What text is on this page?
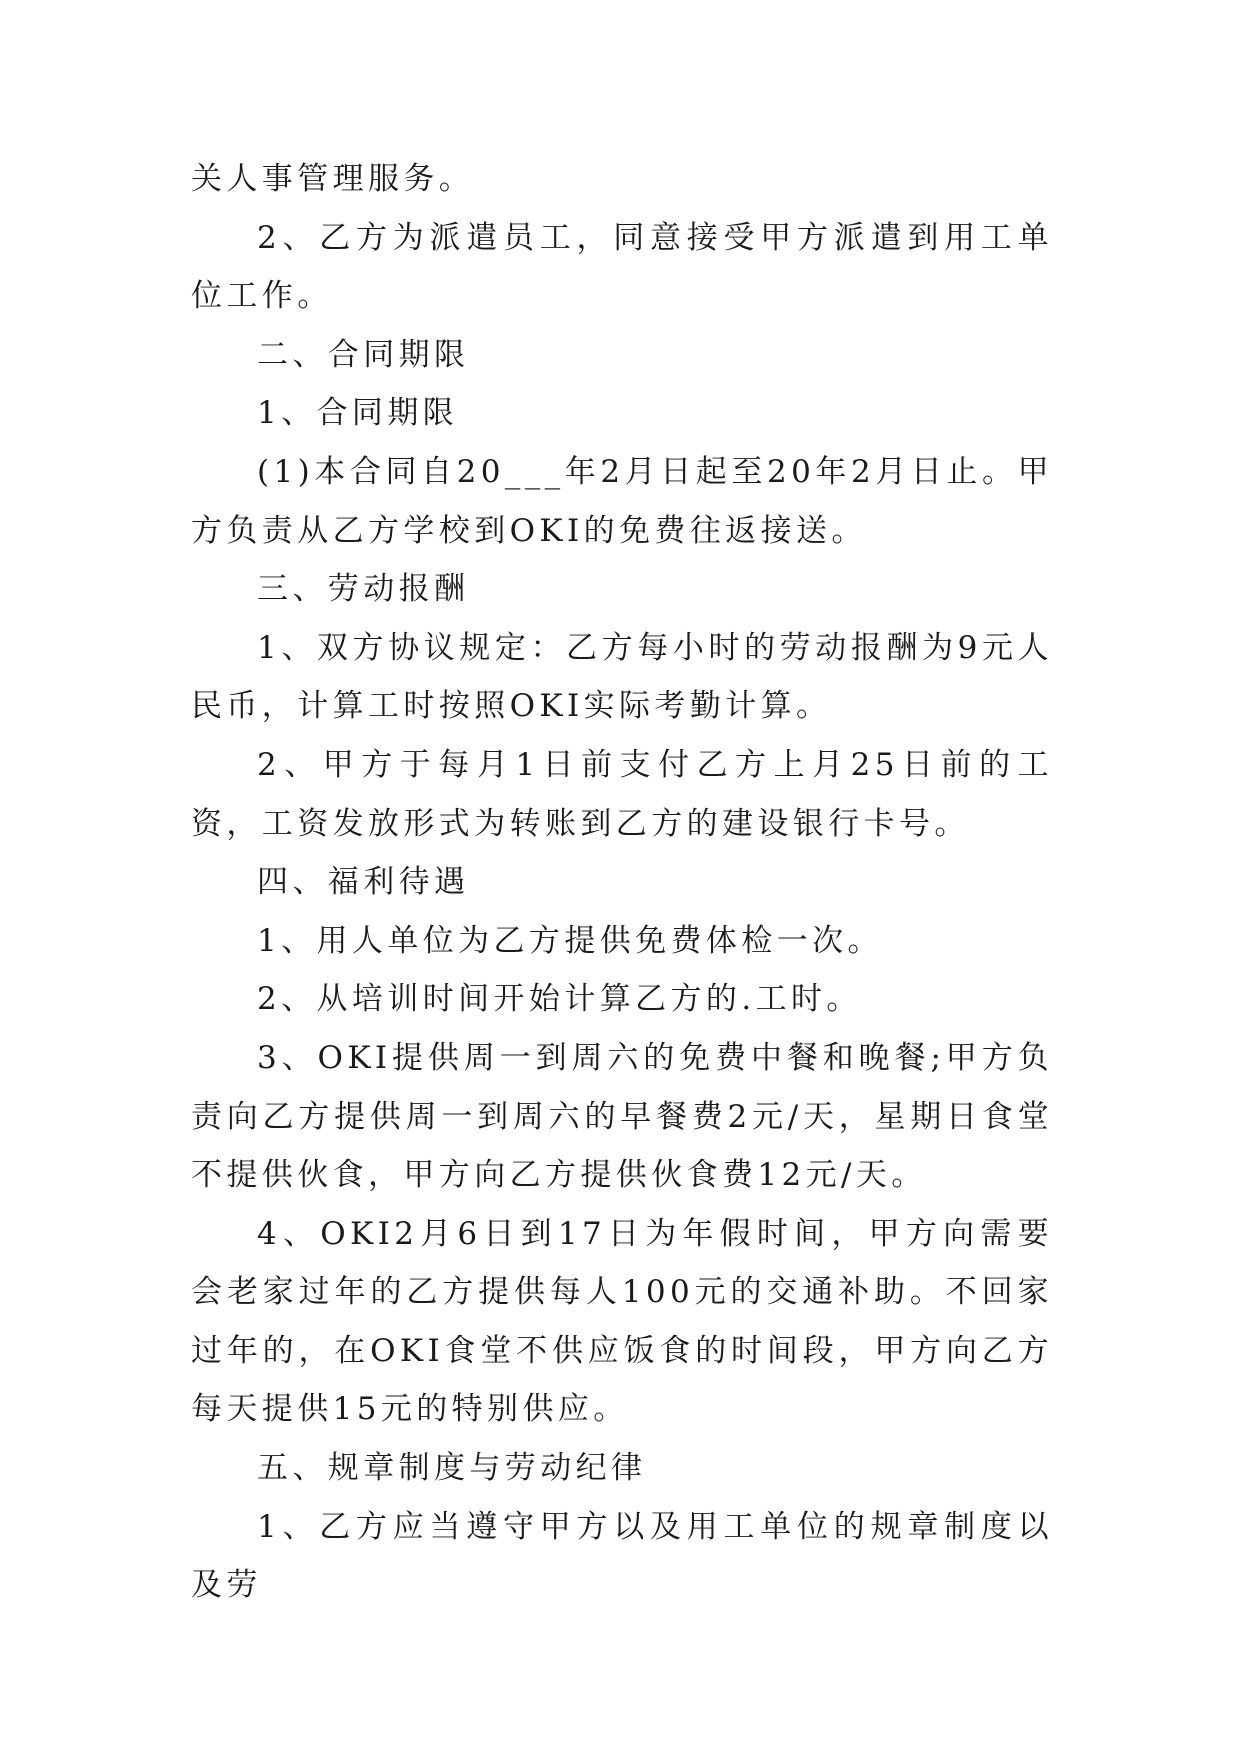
关人事管理服务。

2、乙方为派遣员工，同意接受甲方派遣到用工单位工作。

二、合同期限

1、合同期限

(1)本合同自20___年2月日起至20年2月日止。甲方负责从乙方学校到OKI的免费往返接送。

三、劳动报酬

1、双方协议规定：乙方每小时的劳动报酬为9元人民币，计算工时按照OKI实际考勤计算。

2、甲方于每月1日前支付乙方上月25日前的工资，工资发放形式为转账到乙方的建设银行卡号。

四、福利待遇

1、用人单位为乙方提供免费体检一次。

2、从培训时间开始计算乙方的.工时。

3、OKI提供周一到周六的免费中餐和晚餐;甲方负责向乙方提供周一到周六的早餐费2元/天，星期日食堂不提供伙食，甲方向乙方提供伙食费12元/天。

4、OKI2月6日到17日为年假时间，甲方向需要会老家过年的乙方提供每人100元的交通补助。不回家过年的，在OKI食堂不供应饭食的时间段，甲方向乙方每天提供15元的特别供应。

五、规章制度与劳动纪律

1、乙方应当遵守甲方以及用工单位的规章制度以及劳
